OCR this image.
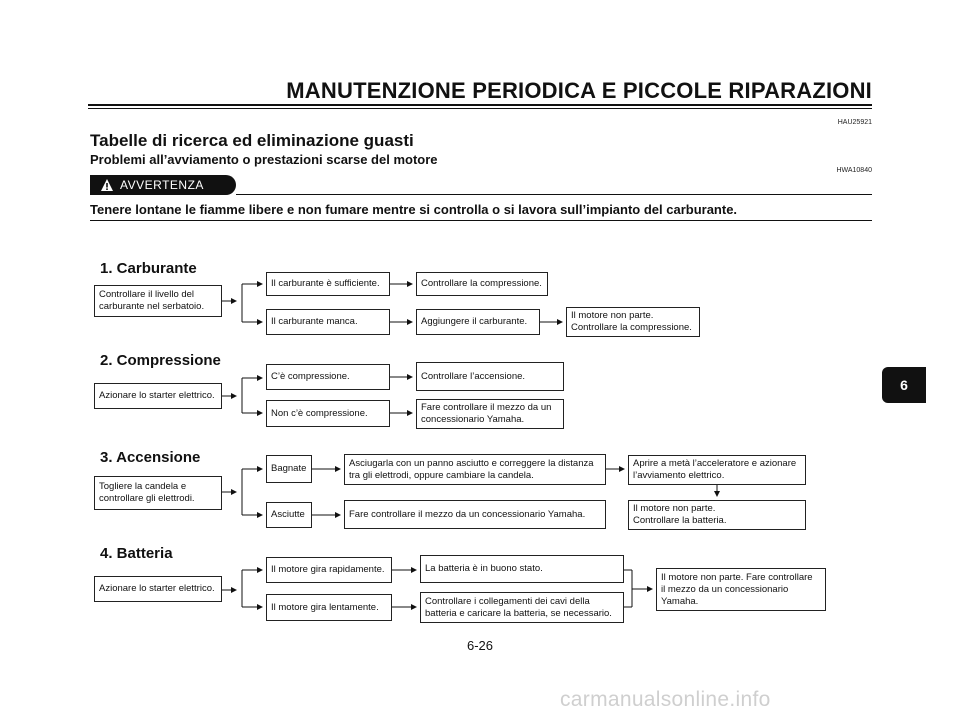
MANUTENZIONE PERIODICA E PICCOLE RIPARAZIONI
HAU25921
Tabelle di ricerca ed eliminazione guasti
Problemi all’avviamento o prestazioni scarse del motore
HWA10840
AVVERTENZA
Tenere lontane le fiamme libere e non fumare mentre si controlla o si lavora sull’impianto del carburante.
1. Carburante
Controllare il livello del
carburante nel serbatoio.
Il carburante è sufficiente.
Il carburante manca.
Controllare la compressione.
Aggiungere il carburante.
Il motore non parte.
Controllare la compressione.
2. Compressione
Azionare lo starter elettrico.
C’è compressione.
Non c’è compressione.
Controllare l’accensione.
Fare controllare il mezzo da un
concessionario Yamaha.
3. Accensione
Togliere la candela e
controllare gli elettrodi.
Bagnate
Asciutte
Asciugarla con un panno asciutto e correggere la distanza
tra gli elettrodi, oppure cambiare la candela.
Fare controllare il mezzo da un concessionario Yamaha.
Aprire a metà l’acceleratore e azionare
l’avviamento elettrico.
Il motore non parte.
Controllare la batteria.
4. Batteria
Azionare lo starter elettrico.
Il motore gira rapidamente.
Il motore gira lentamente.
La batteria è in buono stato.
Controllare i collegamenti dei cavi della
batteria e caricare la batteria, se necessario.
Il motore non parte. Fare controllare
il mezzo da un concessionario
Yamaha.
6-26
6
carmanualsonline.info
